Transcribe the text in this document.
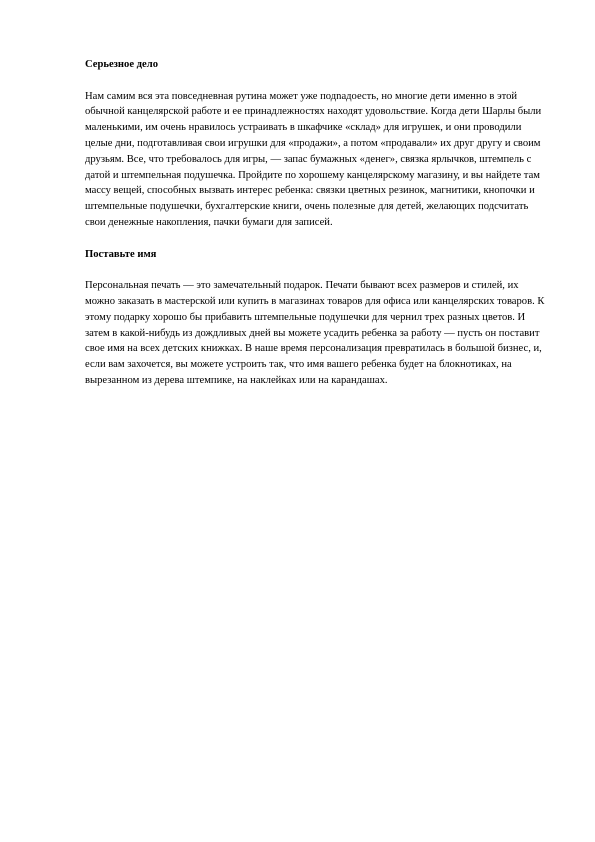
Серьезное дело

Нам самим вся эта повседневная рутина может уже подnадоесть, но многие дети именно в этой обычной канцелярской работе и ее принадлежностях находят удовольствие. Когда дети Шарлы были маленькими, им очень нравилось устраивать в шкафчике «склад» для игрушек, и они проводили целые дни, подготавливая свои игрушки для «продажи», а потом «продавали» их друг другу и своим друзьям. Все, что требовалось для игры, — запас бумажных «денег», связка ярлычков, штемпель с датой и штемпельная подушечка. Пройдите по хорошему канцелярскому магазину, и вы найдете там массу вещей, способных вызвать интерес ребенка: связки цветных резинок, магнитики, кнопочки и штемпельные подушечки, бухгалтерские книги, очень полезные для детей, желающих подсчитать свои денежные накопления, пачки бумаги для записей.

Поставьте имя

Персональная печать — это замечательный подарок. Печати бывают всех размеров и стилей, их можно заказать в мастерской или купить в магазинах товаров для офиса или канцелярских товаров. К этому подарку хорошо бы прибавить штемпельные подушечки для чернил трех разных цветов. И затем в какой-нибудь из дождливых дней вы можете усадить ребенка за работу — пусть он поставит свое имя на всех детских книжках. В наше время персонализация превратилась в большой бизнес, и, если вам захочется, вы можете устроить так, что имя вашего ребенка будет на блокнотиках, на вырезанном из дерева штемпике, на наклейках или на карандашах.
